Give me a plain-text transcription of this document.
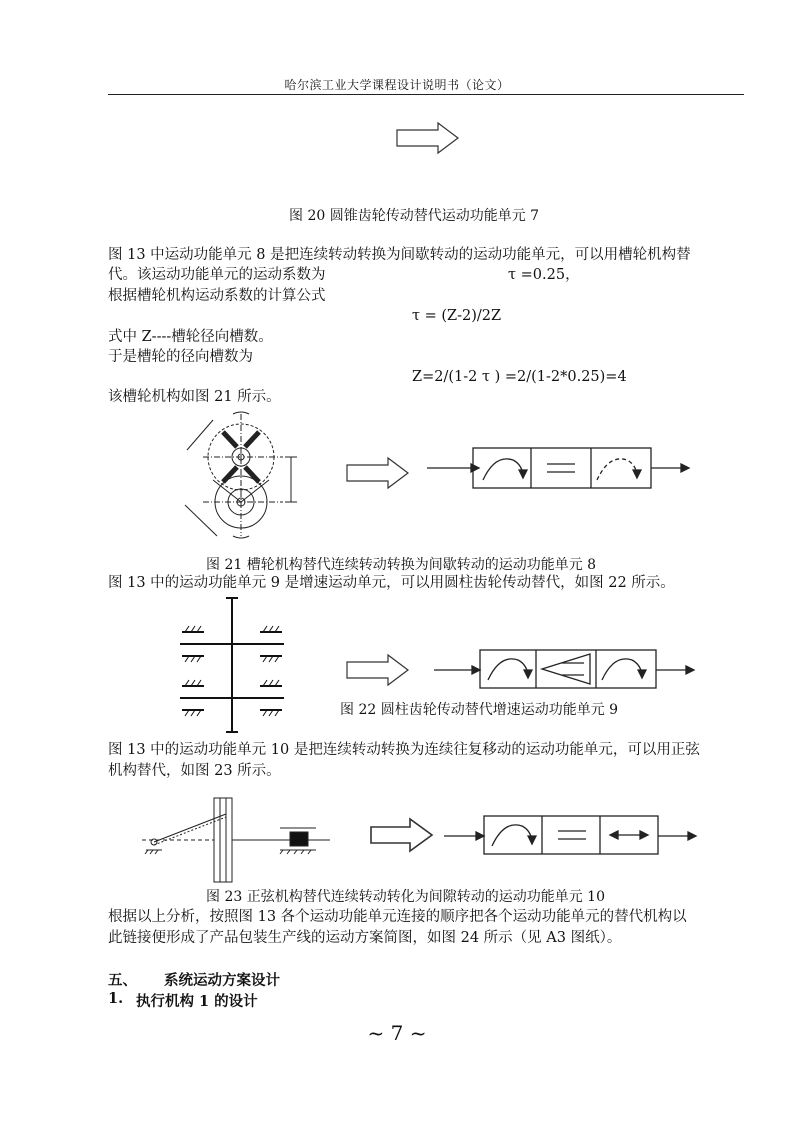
哈尔滨工业大学课程设计说明书（论文）
图 20 圆锥齿轮传动替代运动功能单元 7
图 13 中运动功能单元 8 是把连续转动转换为间歇转动的运动功能单元，可以用槽轮机构替
代。该运动功能单元的运动系数为	τ =0.25，
根据槽轮机构运动系数的计算公式
τ = (Z-2)/2Z
式中 Z----槽轮径向槽数。
于是槽轮的径向槽数为
Z=2/(1-2 τ ) =2/(1-2*0.25)=4
该槽轮机构如图 21 所示。
图 21 槽轮机构替代连续转动转换为间歇转动的运动功能单元 8
图 13 中的运动功能单元 9 是增速运动单元，可以用圆柱齿轮传动替代，如图 22 所示。
图 22 圆柱齿轮传动替代增速运动功能单元 9
图 13 中的运动功能单元 10 是把连续转动转换为连续往复移动的运动功能单元，可以用正弦
机构替代，如图 23 所示。
图 23 正弦机构替代连续转动转化为间隙转动的运动功能单元 10
根据以上分析，按照图 13 各个运动功能单元连接的顺序把各个运动功能单元的替代机构以
此链接便形成了产品包装生产线的运动方案简图，如图 24 所示（见 A3 图纸）。
五、 系统运动方案设计
1. 执行机构 1 的设计
~ 7 ~
